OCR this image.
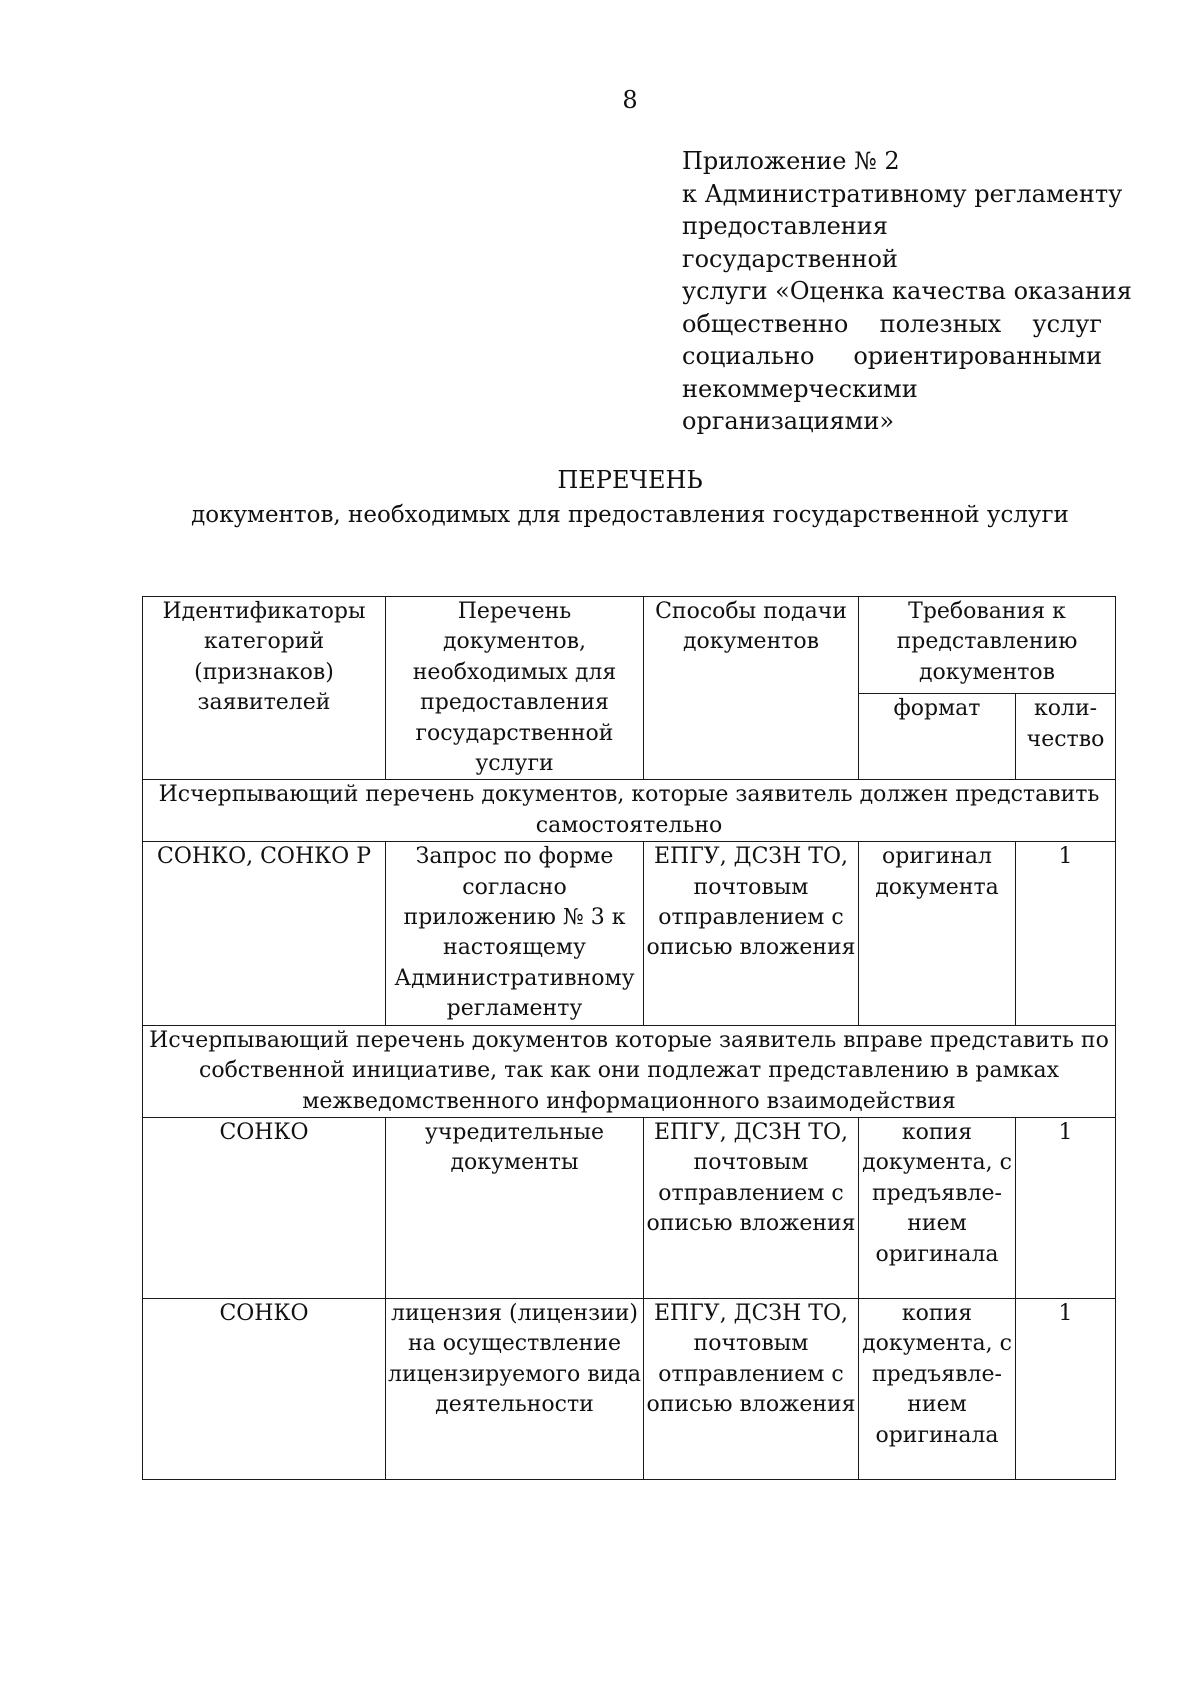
8
Приложение № 2
к Административному регламенту
предоставления государственной
услуги «Оценка качества оказания
общественно полезных услуг
социально ориентированными
некоммерческими
организациями»
ПЕРЕЧЕНЬ
документов, необходимых для предоставления государственной услуги
Идентификаторы категорий (признаков) заявителей	Перечень документов, необходимых для предоставления государственной услуги	Способы подачи документов	Требования к представлению документов	
			формат	коли-чество
Исчерпывающий перечень документов, которые заявитель должен представить самостоятельно				
СОНКО, СОНКО Р	Запрос по форме согласно приложению № 3 к настоящему Административному регламенту	ЕПГУ, ДСЗН ТО, почтовым отправлением с описью вложения	оригинал документа	1
Исчерпывающий перечень документов которые заявитель вправе представить по собственной инициативе, так как они подлежат представлению в рамках межведомственного информационного взаимодействия				
СОНКО	учредительные документы	ЕПГУ, ДСЗН ТО, почтовым отправлением с описью вложения	копия документа, с предъявле-нием оригинала	1
СОНКО	лицензия (лицензии) на осуществление лицензируемого вида деятельности	ЕПГУ, ДСЗН ТО, почтовым отправлением с описью вложения	копия документа, с предъявле-нием оригинала	1
